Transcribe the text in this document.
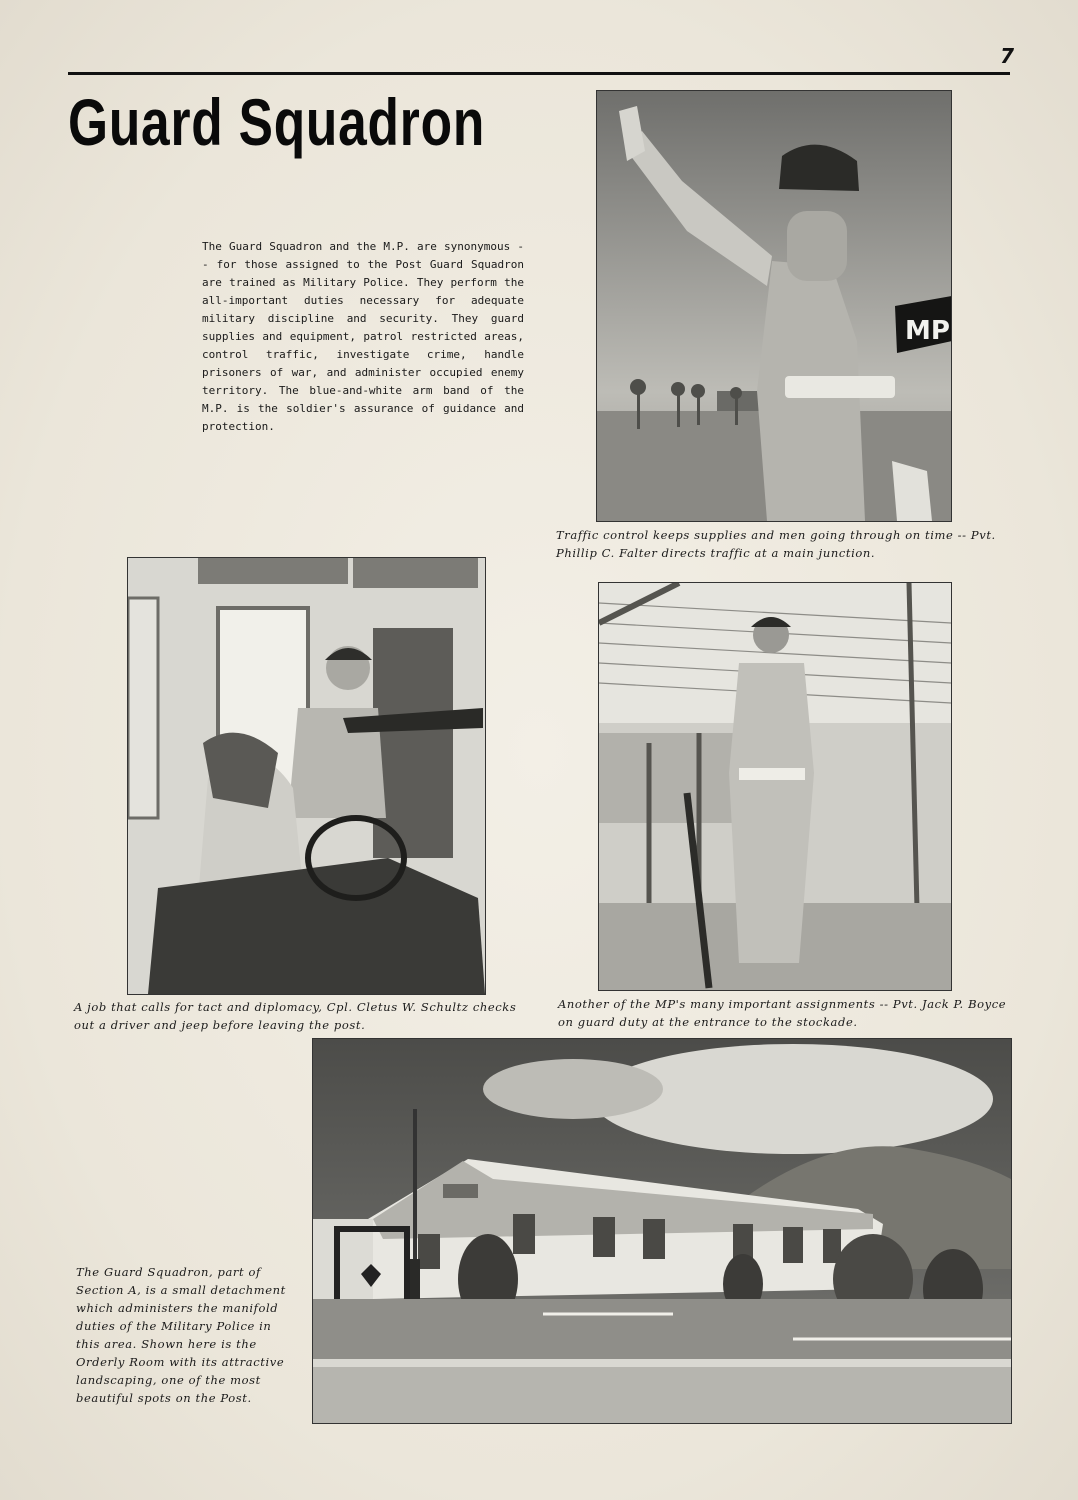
7
Guard Squadron
The Guard Squadron and the M.P. are synonymous -- for those assigned to the Post Guard Squadron are trained as Military Police. They perform the all-important duties necessary for adequate military discipline and security. They guard supplies and equipment, patrol restricted areas, control traffic, investigate crime, handle prisoners of war, and administer occupied enemy territory. The blue-and-white arm band of the M.P. is the soldier's assurance of guidance and protection.
MP
Traffic control keeps supplies and men going through on time -- Pvt. Phillip C. Falter directs traffic at a main junction.
A job that calls for tact and diplomacy, Cpl. Cletus W. Schultz checks out a driver and jeep before leaving the post.
Another of the MP's many important assignments -- Pvt. Jack P. Boyce on guard duty at the entrance to the stockade.
The Guard Squadron, part of Section A, is a small detachment which administers the manifold duties of the Military Police in this area. Shown here is the Orderly Room with its attractive landscaping, one of the most beautiful spots on the Post.
